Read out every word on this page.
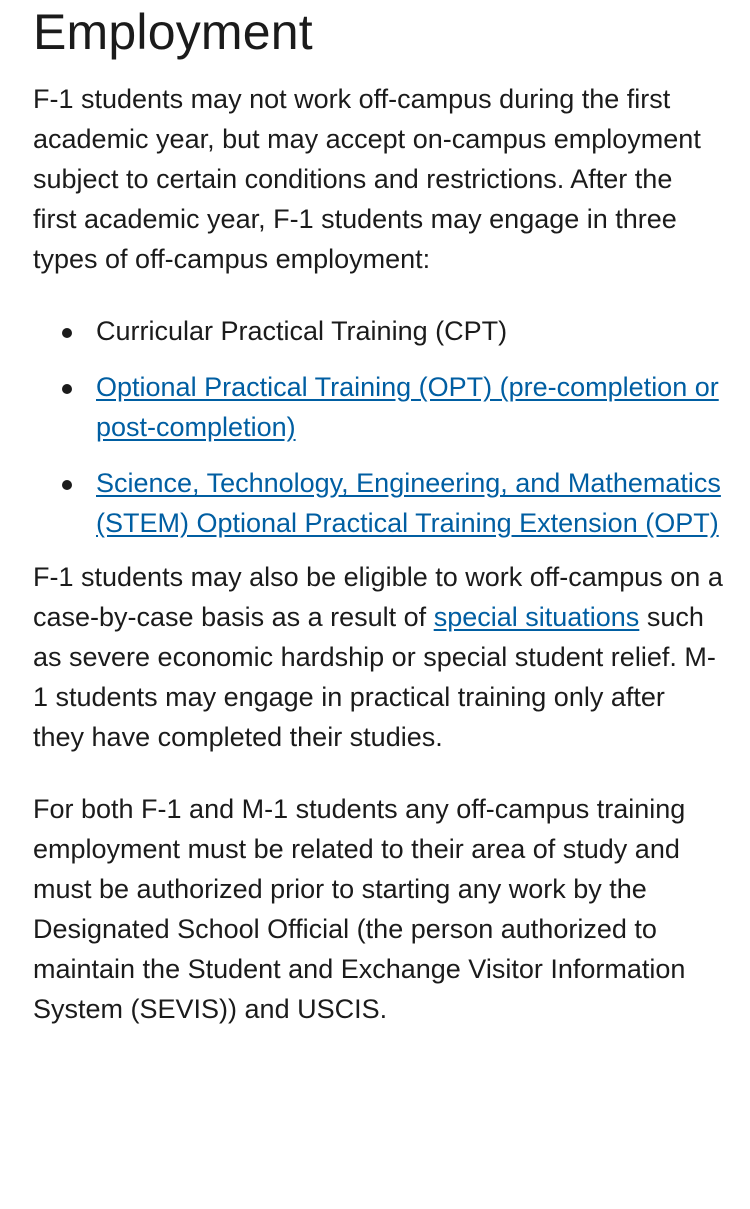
Employment

F-1 students may not work off-campus during the first academic year, but may accept on-campus employment subject to certain conditions and restrictions. After the first academic year, F-1 students may engage in three types of off-campus employment:

Curricular Practical Training (CPT)
Optional Practical Training (OPT) (pre-completion or post-completion)
Science, Technology, Engineering, and Mathematics (STEM) Optional Practical Training Extension (OPT)

F-1 students may also be eligible to work off-campus on a case-by-case basis as a result of special situations such as severe economic hardship or special student relief. M-1 students may engage in practical training only after they have completed their studies.

For both F-1 and M-1 students any off-campus training employment must be related to their area of study and must be authorized prior to starting any work by the Designated School Official (the person authorized to maintain the Student and Exchange Visitor Information System (SEVIS)) and USCIS.
